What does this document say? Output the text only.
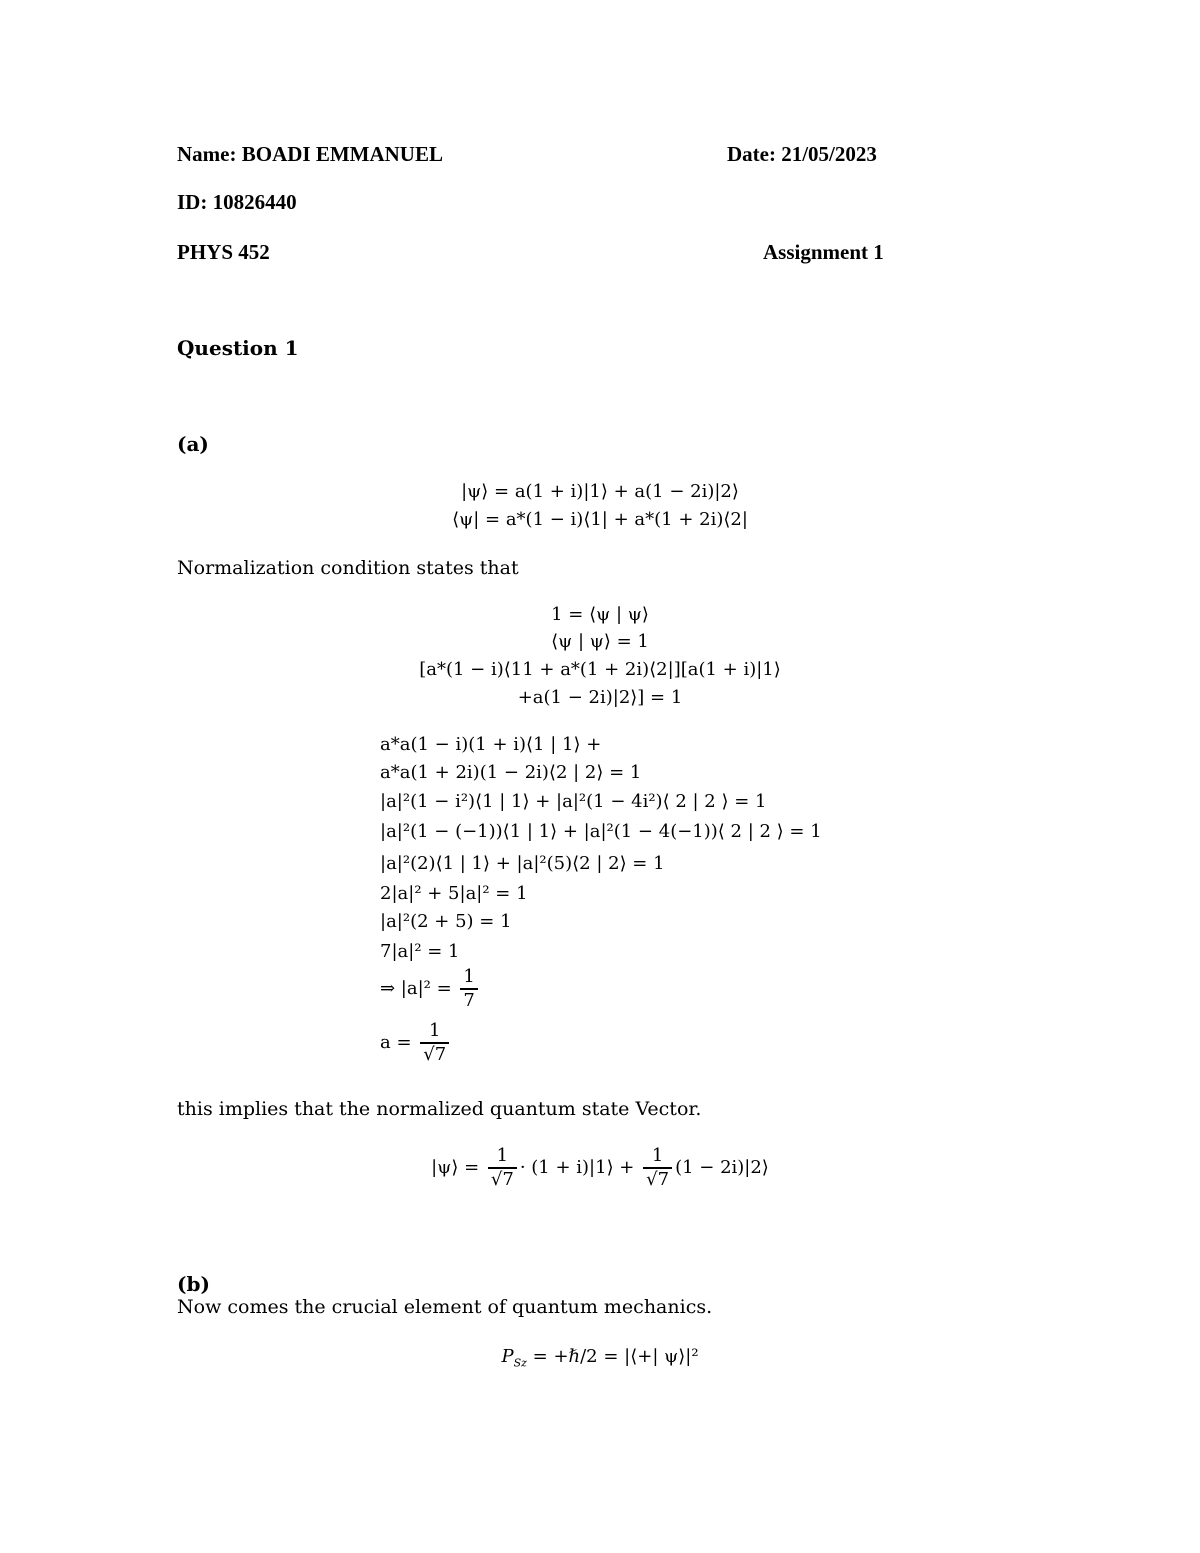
Name: BOADI EMMANUEL	Date: 21/05/2023
ID: 10826440
PHYS 452	Assignment 1
Question 1
(a)
|ψ⟩ = a(1 + i)|1⟩ + a(1 − 2i)|2⟩
⟨ψ| = a*(1 − i)⟨1| + a*(1 + 2i)⟨2|
Normalization condition states that
1 = ⟨ψ | ψ⟩
⟨ψ | ψ⟩ = 1
[a*(1 − i)⟨11 + a*(1 + 2i)⟨2|][a(1 + i)|1⟩
+a(1 − 2i)|2⟩] = 1
a*a(1 − i)(1 + i)⟨1 | 1⟩ +
a*a(1 + 2i)(1 − 2i)⟨2 | 2⟩ = 1
|a|²(1 − i²)⟨1 | 1⟩ + |a|²(1 − 4i²)⟨ 2 | 2 ⟩ = 1
|a|²(1 − (−1))⟨1 | 1⟩ + |a|²(1 − 4(−1))⟨ 2 | 2 ⟩ = 1
|a|²(2)⟨1 | 1⟩ + |a|²(5)⟨2 | 2⟩ = 1
2|a|² + 5|a|² = 1
|a|²(2 + 5) = 1
7|a|² = 1
⇒ $|a|^2 = \frac{1}{7}$
$a = \frac{1}{√7}$
this implies that the normalized quantum state Vector.
|ψ⟩ = $\frac{1}{√7} \cdot (1$ + i)|1⟩ + $\frac{1}{√7} (1$ − 2i)|2⟩
(b)
Now comes the crucial element of quantum mechanics.
$P_{Sz}$ = +ℏ/2 = |⟨+| ψ⟩|²
